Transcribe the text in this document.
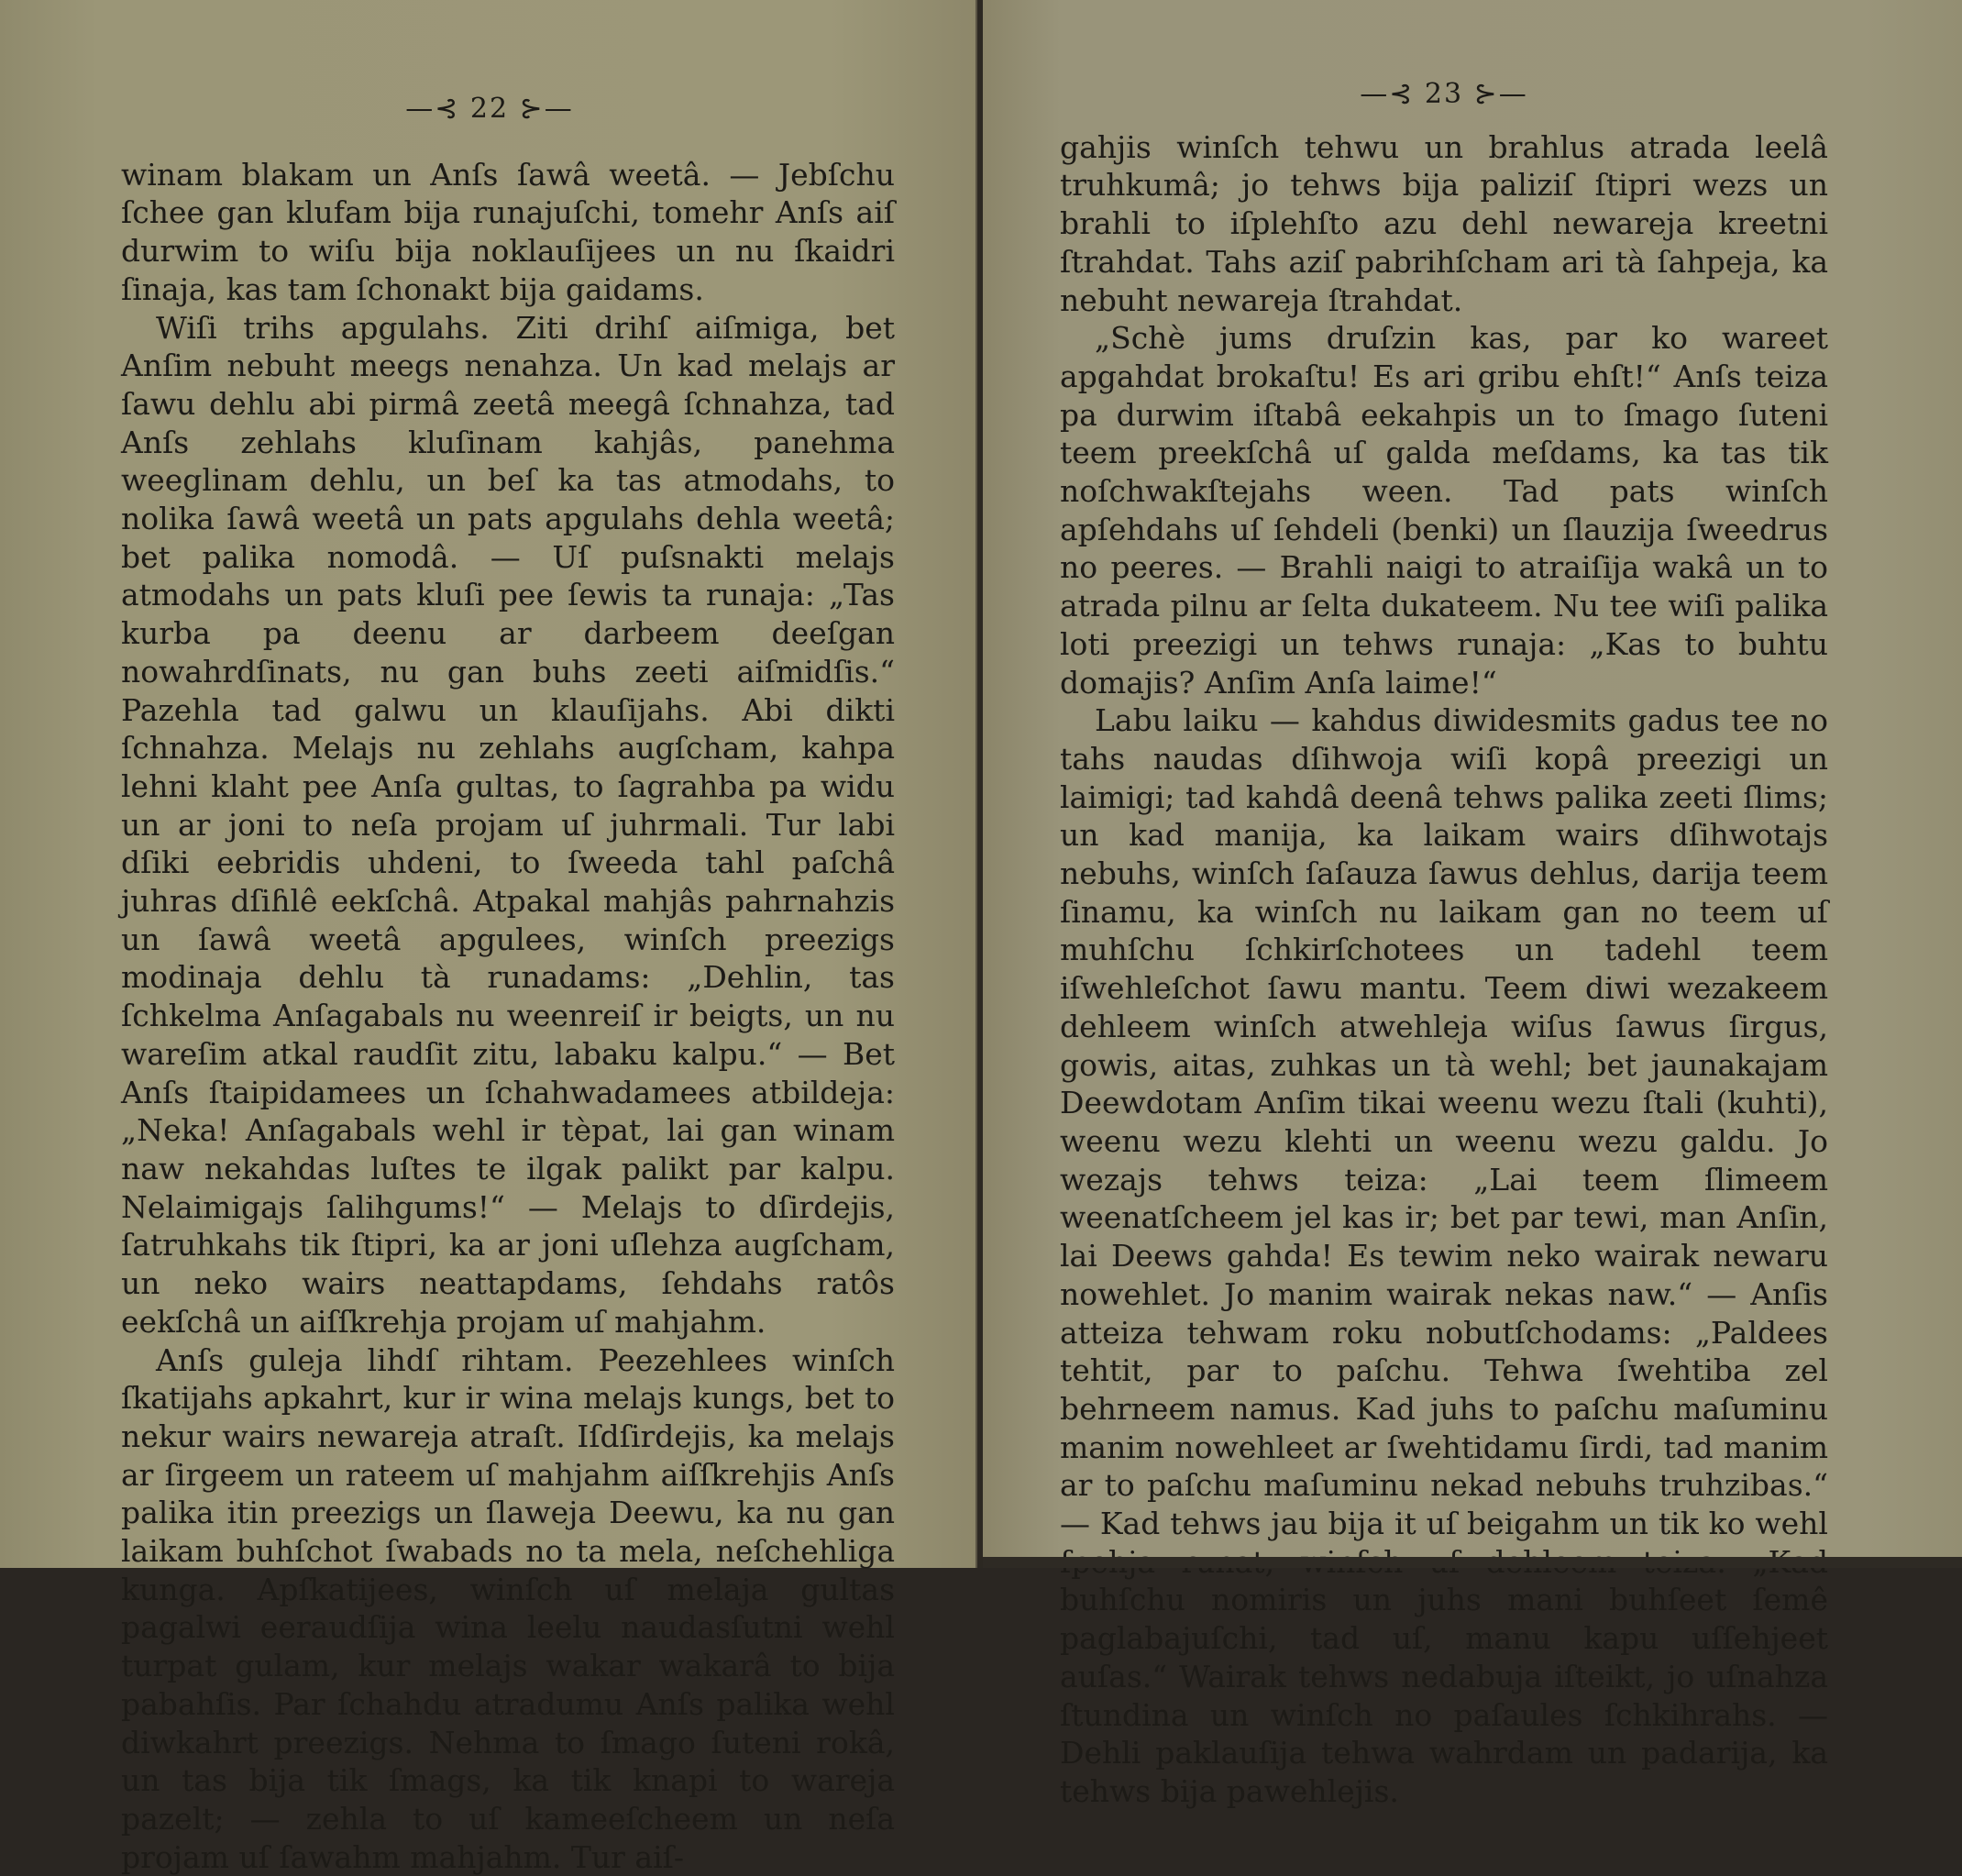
—⊰ 22 ⊱—

winam blakam un Anſs ſawâ weetâ. — Jebſchu ſchee gan klufam bija runajuſchi, tomehr Anſs aiſ durwim to wiſu bija noklauſijees un nu ſkaidri ſinaja, kas tam ſchonakt bija gaidams.

Wiſi trihs apgulahs. Ziti drihſ aiſmiga, bet Anſim nebuht meegs nenahza. Un kad melajs ar ſawu dehlu abi pirmâ zeetâ meegâ ſchnahza, tad Anſs zehlahs kluſinam kahjâs, panehma weeglinam dehlu, un beſ ka tas atmodahs, to nolika ſawâ weetâ un pats apgulahs dehla weetâ; bet palika nomodâ. — Uſ puſsnakti melajs atmodahs un pats kluſi pee ſewis ta runaja: „Tas kurba pa deenu ar darbeem deeſgan nowahrdſinats, nu gan buhs zeeti aiſmidſis.“ Pazehla tad galwu un klauſijahs. Abi dikti ſchnahza. Melajs nu zehlahs augſcham, kahpa lehni klaht pee Anſa gultas, to ſagrahba pa widu un ar joni to neſa projam uſ juhrmali. Tur labi dſiki eebridis uhdeni, to ſweeda tahl paſchâ juhras dſiɦlê eekſchâ. Atpakal mahjâs pahrnahzis un ſawâ weetâ apgulees, winſch preezigs modinaja dehlu tà runadams: „Dehlin, tas ſchkelma Anſagabals nu weenreiſ ir beigts, un nu wareſim atkal raudſit zitu, labaku kalpu.“ — Bet Anſs ſtaipidamees un ſchahwadamees atbildeja: „Neka! Anſagabals wehl ir tèpat, lai gan winam naw nekahdas luſtes te ilgak palikt par kalpu. Nelaimigajs ſalihgums!“ — Melajs to dſirdejis, ſatruhkahs tik ſtipri, ka ar joni uſlehza augſcham, un neko wairs neattapdams, ſehdahs ratôs eekſchâ un aiſſkrehja projam uſ mahjahm.

Anſs guleja lihdſ rihtam. Peezehlees winſch ſkatijahs apkahrt, kur ir wina melajs kungs, bet to nekur wairs newareja atraſt. Iſdſirdejis, ka melajs ar ſirgeem un rateem uſ mahjahm aiſſkrehjis Anſs palika itin preezigs un ſlaweja Deewu, ka nu gan laikam buhſchot ſwabads no ta mela, neſchehliga kunga. Apſkatijees, winſch uſ melaja gultas pagalwi eeraudſija wina leelu naudasſutni wehl turpat gulam, kur melajs wakar wakarâ to bija pabahſis. Par ſchahdu atradumu Anſs palika wehl diwkahrt preezigs. Nehma to ſmago ſuteni rokâ, un tas bija tik ſmags, ka tik knapi to wareja pazelt; — zehla to uſ kameeſcheem un neſa projam uſ ſawahm mahjahm. Tur aiſ-

—⊰ 23 ⊱—

gahjis winſch tehwu un brahlus atrada leelâ truhkumâ; jo tehws bija paliziſ ſtipri wezs un brahli to iſplehſto azu dehl newareja kreetni ſtrahdat. Tahs aziſ pabrihſcham ari tà ſahpeja, ka nebuht newareja ſtrahdat.

„Schè jums druſzin kas, par ko wareet apgahdat brokaſtu! Es ari gribu ehſt!“ Anſs teiza pa durwim iſtabâ eekahpis un to ſmago ſuteni teem preekſchâ uſ galda meſdams, ka tas tik noſchwakſtejahs ween. Tad pats winſch apſehdahs uſ ſehdeli (benki) un ſlauzija ſweedrus no peeres. — Brahli naigi to atraiſija wakâ un to atrada pilnu ar ſelta dukateem. Nu tee wiſi palika loti preezigi un tehws runaja: „Kas to buhtu domajis? Anſim Anſa laime!“

Labu laiku — kahdus diwidesmits gadus tee no tahs naudas dſihwoja wiſi kopâ preezigi un laimigi; tad kahdâ deenâ tehws palika zeeti ſlims; un kad manija, ka laikam wairs dſihwotajs nebuhs, winſch ſaſauza ſawus dehlus, darija teem ſinamu, ka winſch nu laikam gan no teem uſ muhſchu ſchkirſchotees un tadehl teem iſwehleſchot ſawu mantu. Teem diwi wezakeem dehleem winſch atwehleja wiſus ſawus ſirgus, gowis, aitas, zuhkas un tà wehl; bet jaunakajam Deewdotam Anſim tikai weenu wezu ſtali (kuhti), weenu wezu klehti un weenu wezu galdu. Jo wezajs tehws teiza: „Lai teem ſlimeem weenatſcheem jel kas ir; bet par tewi, man Anſin, lai Deews gahda! Es tewim neko wairak newaru nowehlet. Jo manim wairak nekas naw.“ — Anſis atteiza tehwam roku nobutſchodams: „Paldees tehtit, par to paſchu. Tehwa ſwehtiba zel behrneem namus. Kad juhs to paſchu maſuminu manim nowehleet ar ſwehtidamu ſirdi, tad manim ar to paſchu maſuminu nekad nebuhs truhzibas.“ — Kad tehws jau bija it uſ beigahm un tik ko wehl buhſchu nomiris un juhs mani buhſeet ſemê paglabajuſchi, tad uſ, manu kapu uſſehjeet auſas.“ Wairak tehws nedabuja iſteikt, jo uſnahza ſtundina un winſch no paſaules ſchkihrahs. — Dehli paklauſija tehwa wahrdam un padarija, ka tehws bija pawehlejis.
